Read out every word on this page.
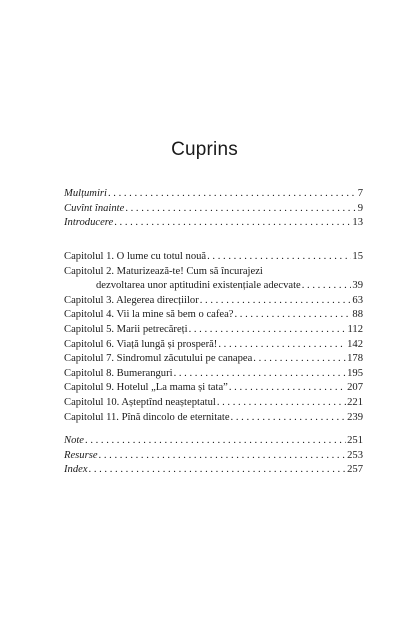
Cuprins
Mulțumiri . . .	7
Cuvînt înainte . . .	9
Introducere . . .	13
Capitolul 1. O lume cu totul nouă . . .	15
Capitolul 2. Maturizează-te! Cum să încurajezi
dezvoltarea unor aptitudini existențiale adecvate . . .	39
Capitolul 3. Alegerea direcțiilor . . .	63
Capitolul 4. Vii la mine să bem o cafea? . . .	88
Capitolul 5. Marii petrecăreți . . .	112
Capitolul 6. Viață lungă și prosperă! . . .	142
Capitolul 7. Sindromul zăcutului pe canapea . . .	178
Capitolul 8. Bumeranguri . . .	195
Capitolul 9. Hotelul „La mama și tata” . . .	207
Capitolul 10. Așteptînd neașteptatul . . .	221
Capitolul 11. Pînă dincolo de eternitate . . .	239
Note . . .	251
Resurse . . .	253
Index . . .	257
